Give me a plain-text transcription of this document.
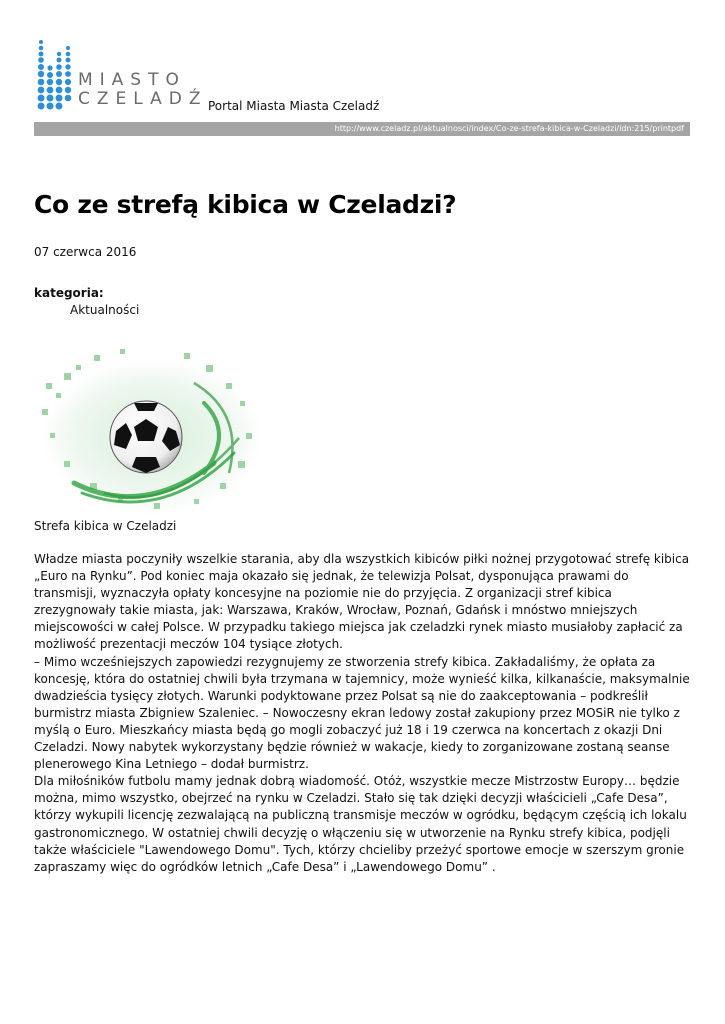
MIASTO
CZELADŹ Portal Miasta Miasta Czeladź
http://www.czeladz.pl/aktualnosci/index/Co-ze-strefa-kibica-w-Czeladzi/idn:215/printpdf
Co ze strefą kibica w Czeladzi?
07 czerwca 2016
kategoria:
Aktualności
Strefa kibica w Czeladzi

Władze miasta poczyniły wszelkie starania, aby dla wszystkich kibiców piłki nożnej przygotować strefę kibica „Euro na Rynku”. Pod koniec maja okazało się jednak, że telewizja Polsat, dysponująca prawami do transmisji, wyznaczyła opłaty koncesyjne na poziomie nie do przyjęcia. Z organizacji stref kibica zrezygnowały takie miasta, jak: Warszawa, Kraków, Wrocław, Poznań, Gdańsk i mnóstwo mniejszych miejscowości w całej Polsce. W przypadku takiego miejsca jak czeladzki rynek miasto musiałoby zapłacić za możliwość prezentacji meczów 104 tysiące złotych.

– Mimo wcześniejszych zapowiedzi rezygnujemy ze stworzenia strefy kibica. Zakładaliśmy, że opłata za koncesję, która do ostatniej chwili była trzymana w tajemnicy, może wynieść kilka, kilkanaście, maksymalnie dwadzieścia tysięcy złotych. Warunki podyktowane przez Polsat są nie do zaakceptowania – podkreślił burmistrz miasta Zbigniew Szaleniec. – Nowoczesny ekran ledowy został zakupiony przez MOSiR nie tylko z myślą o Euro. Mieszkańcy miasta będą go mogli zobaczyć już 18 i 19 czerwca na koncertach z okazji Dni Czeladzi. Nowy nabytek wykorzystany będzie również w wakacje, kiedy to zorganizowane zostaną seanse plenerowego Kina Letniego – dodał burmistrz.

Dla miłośników futbolu mamy jednak dobrą wiadomość. Otóż, wszystkie mecze Mistrzostw Europy… będzie można, mimo wszystko, obejrzeć na rynku w Czeladzi. Stało się tak dzięki decyzji właścicieli „Cafe Desa”, którzy wykupili licencję zezwalającą na publiczną transmisje meczów w ogródku, będącym częścią ich lokalu gastronomicznego. W ostatniej chwili decyzję o włączeniu się w utworzenie na Rynku strefy kibica, podjęli także właściciele "Lawendowego Domu". Tych, którzy chcieliby przeżyć sportowe emocje w szerszym gronie zapraszamy więc do ogródków letnich „Cafe Desa” i „Lawendowego Domu” .
